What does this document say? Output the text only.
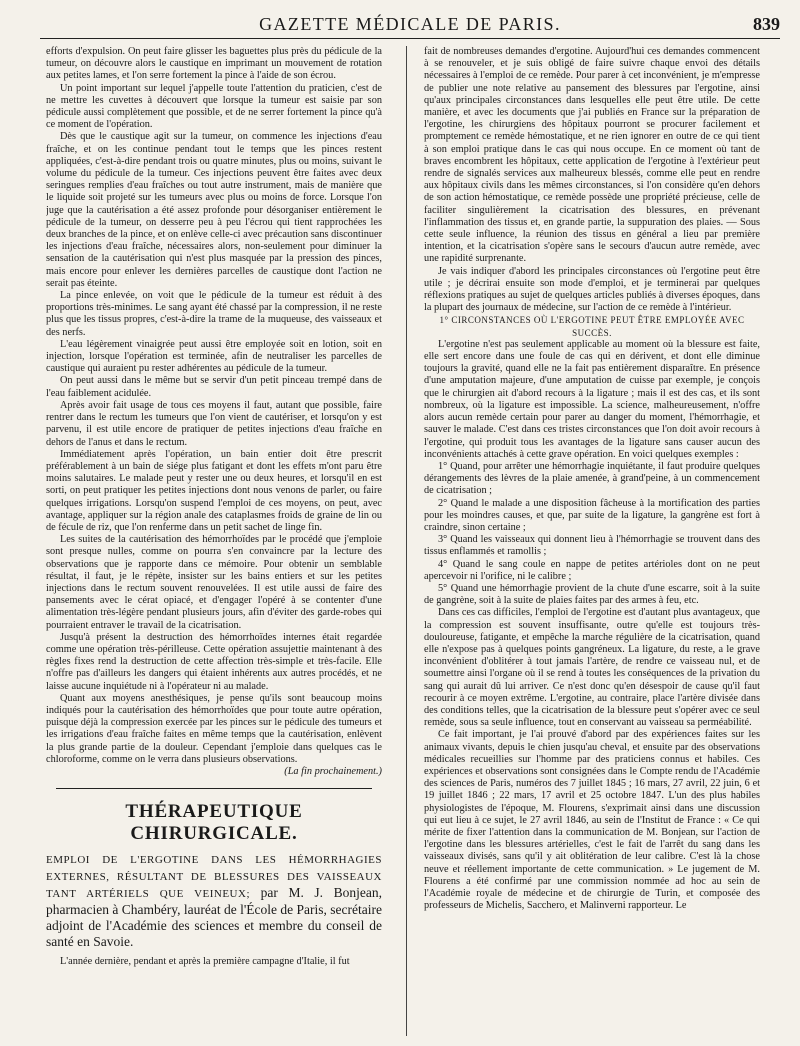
GAZETTE MÉDICALE DE PARIS.	839

efforts d'expulsion. On peut faire glisser les baguettes plus près du pédicule de la tumeur, on découvre alors le caustique en imprimant un mouvement de rotation aux petites lames, et l'on serre fortement la pince à l'aide de son écrou.

Un point important sur lequel j'appelle toute l'attention du praticien, c'est de ne mettre les cuvettes à découvert que lorsque la tumeur est saisie par son pédicule aussi complètement que possible, et de ne serrer fortement la pince qu'à ce moment de l'opération.

Dès que le caustique agit sur la tumeur, on commence les injections d'eau fraîche, et on les continue pendant tout le temps que les pinces restent appliquées, c'est-à-dire pendant trois ou quatre minutes, plus ou moins, suivant le volume du pédicule de la tumeur. Ces injections peuvent être faites avec deux seringues remplies d'eau fraîches ou tout autre instrument, mais de manière que le liquide soit projeté sur les tumeurs avec plus ou moins de force. Lorsque l'on juge que la cautérisation a été assez profonde pour désorganiser entièrement le pédicule de la tumeur, on desserre peu à peu l'écrou qui tient rapprochées les deux branches de la pince, et on enlève celle-ci avec précaution sans discontinuer les injections d'eau fraîche, nécessaires alors, non-seulement pour diminuer la sensation de la cautérisation qui n'est plus masquée par la pression des pinces, mais encore pour enlever les dernières parcelles de caustique dont l'action ne serait pas éteinte.

La pince enlevée, on voit que le pédicule de la tumeur est réduit à des proportions très-minimes. Le sang ayant été chassé par la compression, il ne reste plus que les tissus propres, c'est-à-dire la trame de la muqueuse, des vaisseaux et des nerfs.

L'eau légèrement vinaigrée peut aussi être employée soit en lotion, soit en injection, lorsque l'opération est terminée, afin de neutraliser les parcelles de caustique qui auraient pu rester adhérentes au pédicule de la tumeur.

On peut aussi dans le même but se servir d'un petit pinceau trempé dans de l'eau faiblement acidulée.

Après avoir fait usage de tous ces moyens il faut, autant que possible, faire rentrer dans le rectum les tumeurs que l'on vient de cautériser, et lorsqu'on y est parvenu, il est utile encore de pratiquer de petites injections d'eau fraîche en dehors de l'anus et dans le rectum.

Immédiatement après l'opération, un bain entier doit être prescrit préférablement à un bain de siége plus fatigant et dont les effets m'ont paru être moins salutaires. Le malade peut y rester une ou deux heures, et lorsqu'il en est sorti, on peut pratiquer les petites injections dont nous venons de parler, ou faire quelques irrigations. Lorsqu'on suspend l'emploi de ces moyens, on peut, avec avantage, appliquer sur la région anale des cataplasmes froids de graine de lin ou de fécule de riz, que l'on renferme dans un petit sachet de linge fin.

Les suites de la cautérisation des hémorrhoïdes par le procédé que j'emploie sont presque nulles, comme on pourra s'en convaincre par la lecture des observations que je rapporte dans ce mémoire. Pour obtenir un semblable résultat, il faut, je le répète, insister sur les bains entiers et sur les petites injections dans le rectum souvent renouvelées. Il est utile aussi de faire des pansements avec le cérat opiacé, et d'engager l'opéré à se contenter d'une alimentation très-légère pendant plusieurs jours, afin d'éviter des garde-robes qui pourraient entraver le travail de la cicatrisation.

Jusqu'à présent la destruction des hémorrhoïdes internes était regardée comme une opération très-périlleuse. Cette opération assujettie maintenant à des règles fixes rend la destruction de cette affection très-simple et très-facile. Elle n'offre pas d'ailleurs les dangers qui étaient inhérents aux autres procédés, et ne laisse aucune inquiétude ni à l'opérateur ni au malade.

Quant aux moyens anesthésiques, je pense qu'ils sont beaucoup moins indiqués pour la cautérisation des hémorrhoïdes que pour toute autre opération, puisque déjà la compression exercée par les pinces sur le pédicule des tumeurs et les irrigations d'eau fraîche faites en même temps que la cautérisation, enlèvent la plus grande partie de la douleur. Cependant j'emploie dans quelques cas le chloroforme, comme on le verra dans plusieurs observations.

(La fin prochainement.)

THÉRAPEUTIQUE CHIRURGICALE.
EMPLOI DE L'ERGOTINE DANS LES HÉMORRHAGIES EXTERNES, RÉSULTANT DE BLESSURES DES VAISSEAUX TANT ARTÉRIELS QUE VEINEUX; par M. J. Bonjean, pharmacien à Chambéry, lauréat de l'École de Paris, secrétaire adjoint de l'Académie des sciences et membre du conseil de santé en Savoie.

L'année dernière, pendant et après la première campagne d'Italie, il fut

fait de nombreuses demandes d'ergotine. Aujourd'hui ces demandes commencent à se renouveler, et je suis obligé de faire suivre chaque envoi des détails nécessaires à l'emploi de ce remède. Pour parer à cet inconvénient, je m'empresse de publier une note relative au pansement des blessures par l'ergotine, ainsi qu'aux principales circonstances dans lesquelles elle peut être utile. De cette manière, et avec les documents que j'ai publiés en France sur la préparation de l'ergotine, les chirurgiens des hôpitaux pourront se procurer facilement et promptement ce remède hémostatique, et ne rien ignorer en outre de ce qui tient à son emploi pratique dans le cas qui nous occupe. En ce moment où tant de braves encombrent les hôpitaux, cette application de l'ergotine à l'extérieur peut rendre de signalés services aux malheureux blessés, comme elle peut en rendre aux hôpitaux civils dans les mêmes circonstances, si l'on considère qu'en dehors de son action hémostatique, ce remède possède une propriété précieuse, celle de faciliter singulièrement la cicatrisation des blessures, en prévenant l'inflammation des tissus et, en grande partie, la suppuration des plaies. — Sous cette seule influence, la réunion des tissus en général a lieu par première intention, et la cicatrisation s'opère sans le secours d'aucun autre remède, avec une rapidité surprenante.

Je vais indiquer d'abord les principales circonstances où l'ergotine peut être utile ; je décrirai ensuite son mode d'emploi, et je terminerai par quelques réflexions pratiques au sujet de quelques articles publiés à diverses époques, dans la plupart des journaux de médecine, sur l'action de ce remède à l'intérieur.

1° CIRCONSTANCES OÙ L'ERGOTINE PEUT ÊTRE EMPLOYÉE AVEC SUCCÈS.

L'ergotine n'est pas seulement applicable au moment où la blessure est faite, elle sert encore dans une foule de cas qui en dérivent, et dont elle diminue toujours la gravité, quand elle ne la fait pas entièrement disparaître. En présence d'une amputation majeure, d'une amputation de cuisse par exemple, je conçois que le chirurgien ait d'abord recours à la ligature ; mais il est des cas, et ils sont nombreux, où la ligature est impossible. La science, malheureusement, n'offre alors aucun remède certain pour parer au danger du moment, l'hémorrhagie, et sauver le malade. C'est dans ces tristes circonstances que l'on doit avoir recours à l'ergotine, qui produit tous les avantages de la ligature sans causer aucun des inconvénients attachés à cette grave opération. En voici quelques exemples :

1° Quand, pour arrêter une hémorrhagie inquiétante, il faut produire quelques dérangements des lèvres de la plaie amenée, à grand'peine, à un commencement de cicatrisation ;

2° Quand le malade a une disposition fâcheuse à la mortification des parties pour les moindres causes, et que, par suite de la ligature, la gangrène est fort à craindre, sinon certaine ;

3° Quand les vaisseaux qui donnent lieu à l'hémorrhagie se trouvent dans des tissus enflammés et ramollis ;

4° Quand le sang coule en nappe de petites artérioles dont on ne peut apercevoir ni l'orifice, ni le calibre ;

5° Quand une hémorrhagie provient de la chute d'une escarre, soit à la suite de gangrène, soit à la suite de plaies faites par des armes à feu, etc.

Dans ces cas difficiles, l'emploi de l'ergotine est d'autant plus avantageux, que la compression est souvent insuffisante, outre qu'elle est toujours très-douloureuse, fatigante, et empêche la marche régulière de la cicatrisation, quand elle n'expose pas à quelques points gangréneux. La ligature, du reste, a le grave inconvénient d'oblitérer à tout jamais l'artère, de rendre ce vaisseau nul, et de soumettre ainsi l'organe où il se rend à toutes les conséquences de la privation du sang qui aurait dû lui arriver. Ce n'est donc qu'en désespoir de cause qu'il faut recourir à ce moyen extrême. L'ergotine, au contraire, place l'artère divisée dans des conditions telles, que la cicatrisation de la blessure peut s'opérer avec ce seul remède, sous sa seule influence, tout en conservant au vaisseau sa perméabilité.

Ce fait important, je l'ai prouvé d'abord par des expériences faites sur les animaux vivants, depuis le chien jusqu'au cheval, et ensuite par des observations médicales recueillies sur l'homme par des praticiens connus et habiles. Ces expériences et observations sont consignées dans le Compte rendu de l'Académie des sciences de Paris, numéros des 7 juillet 1845 ; 16 mars, 27 avril, 22 juin, 6 et 19 juillet 1846 ; 22 mars, 17 avril et 25 octobre 1847. L'un des plus habiles physiologistes de l'époque, M. Flourens, s'exprimait ainsi dans une discussion qui eut lieu à ce sujet, le 27 avril 1846, au sein de l'Institut de France : « Ce qui mérite de fixer l'attention dans la communication de M. Bonjean, sur l'action de l'ergotine dans les blessures artérielles, c'est le fait de l'arrêt du sang dans les vaisseaux divisés, sans qu'il y ait oblitération de leur calibre. C'est là la chose neuve et réellement importante de cette communication. » Le jugement de M. Flourens a été confirmé par une commission nommée ad hoc au sein de l'Académie royale de médecine et de chirurgie de Turin, et composée des professeurs de Michelis, Sacchero, et Malinverni rapporteur. Le
